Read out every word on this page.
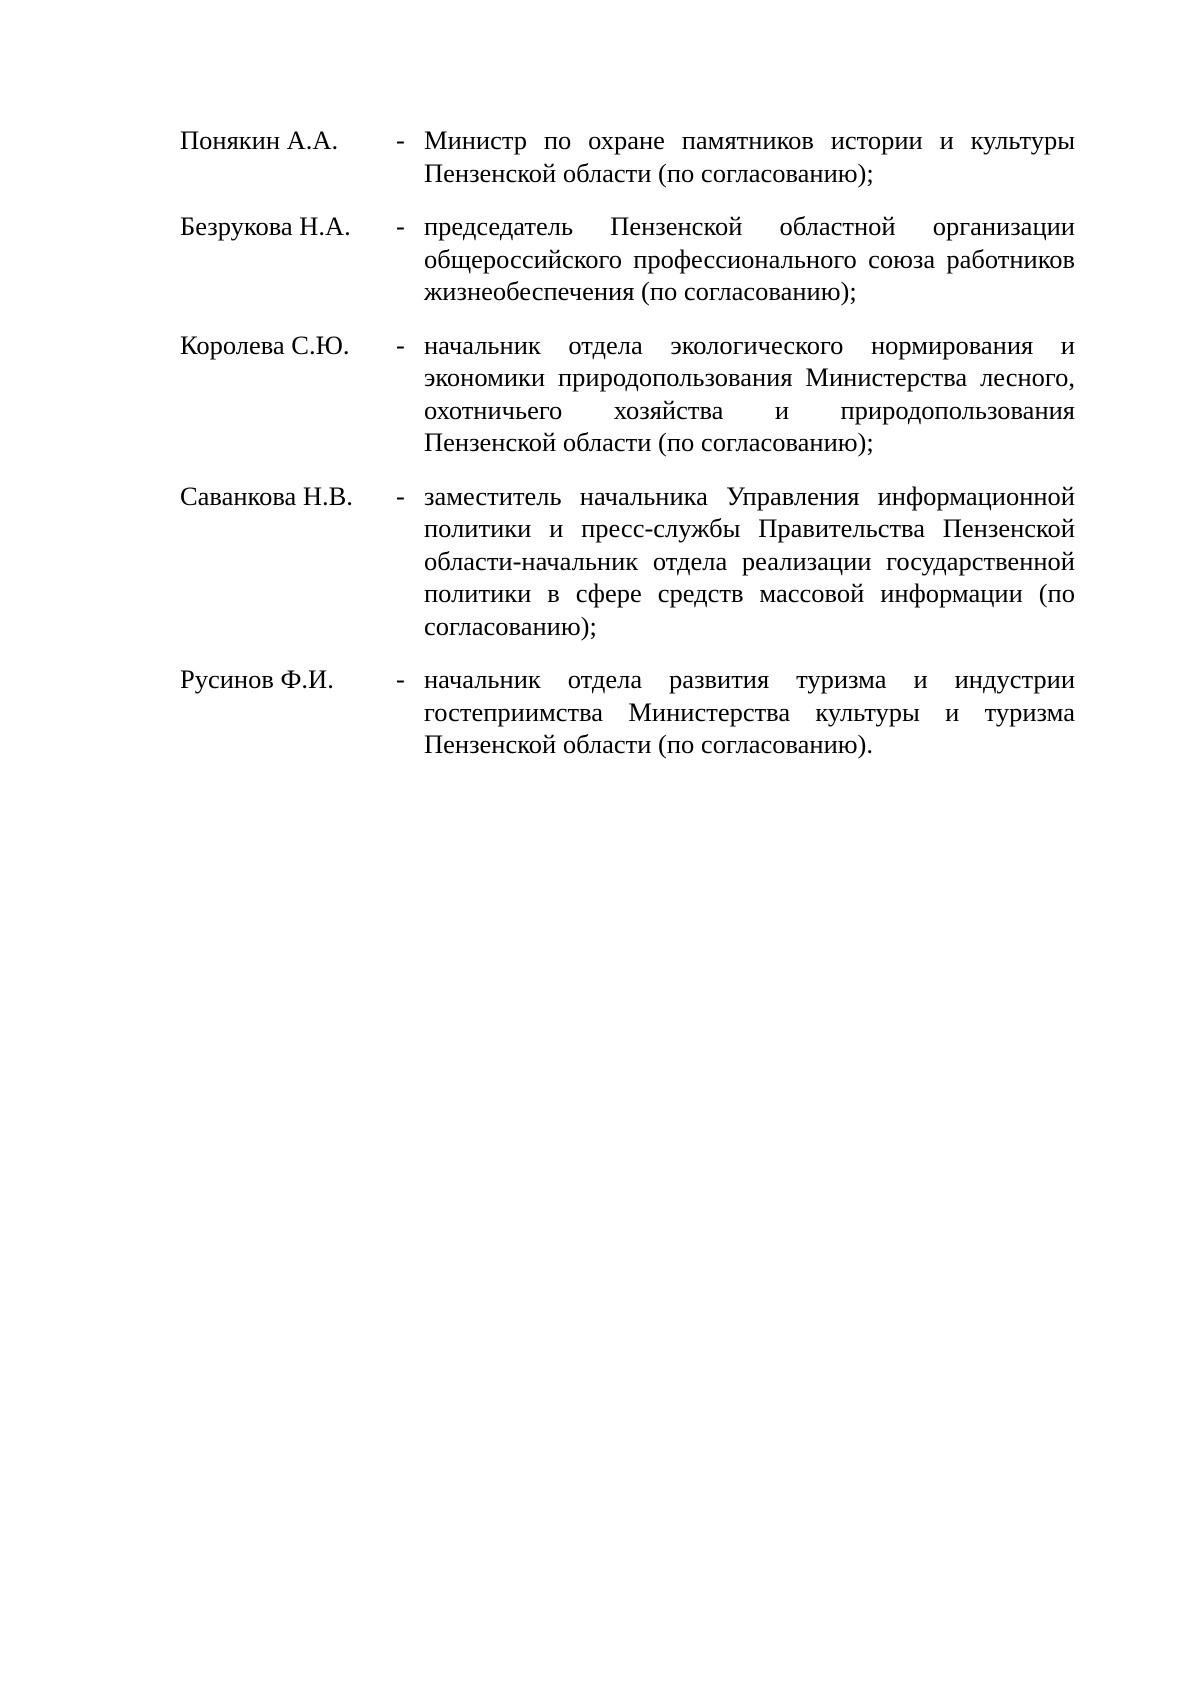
Понякин А.А.	- Министр по охране памятников истории и культуры Пензенской области (по согласованию);
Безрукова Н.А.	- председатель Пензенской областной организации общероссийского профессионального союза работников жизнеобеспечения (по согласованию);
Королева С.Ю.	- начальник отдела экологического нормирования и экономики природопользования Министерства лесного, охотничьего хозяйства и природопользования Пензенской области (по согласованию);
Саванкова Н.В.	- заместитель начальника Управления информационной политики и пресс-службы Правительства Пензенской области-начальник отдела реализации государственной политики в сфере средств массовой информации (по согласованию);
Русинов Ф.И.	- начальник отдела развития туризма и индустрии гостеприимства Министерства культуры и туризма Пензенской области (по согласованию).
